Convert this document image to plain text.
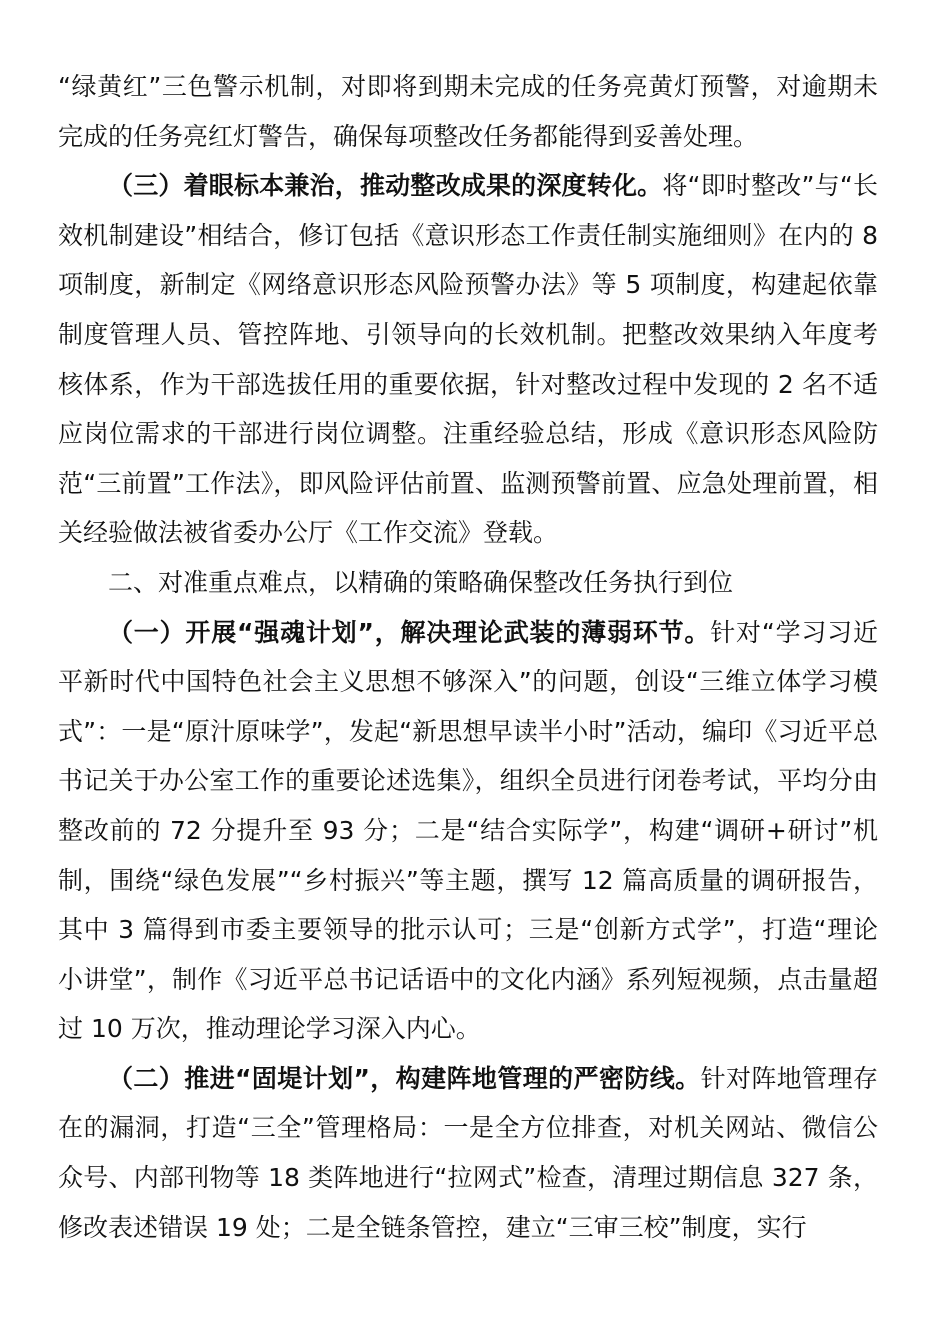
“绿黄红”三色警示机制，对即将到期未完成的任务亮黄灯预警，对逾期未完成的任务亮红灯警告，确保每项整改任务都能得到妥善处理。

（三）着眼标本兼治，推动整改成果的深度转化。将“即时整改”与“长效机制建设”相结合，修订包括《意识形态工作责任制实施细则》在内的 8 项制度，新制定《网络意识形态风险预警办法》等 5 项制度，构建起依靠制度管理人员、管控阵地、引领导向的长效机制。把整改效果纳入年度考核体系，作为干部选拔任用的重要依据，针对整改过程中发现的 2 名不适应岗位需求的干部进行岗位调整。注重经验总结，形成《意识形态风险防范“三前置”工作法》，即风险评估前置、监测预警前置、应急处理前置，相关经验做法被省委办公厅《工作交流》登载。

二、对准重点难点，以精确的策略确保整改任务执行到位

（一）开展“强魂计划”，解决理论武装的薄弱环节。针对“学习习近平新时代中国特色社会主义思想不够深入”的问题，创设“三维立体学习模式”：一是“原汁原味学”，发起“新思想早读半小时”活动，编印《习近平总书记关于办公室工作的重要论述选集》，组织全员进行闭卷考试，平均分由整改前的 72 分提升至 93 分；二是“结合实际学”，构建“调研+研讨”机制，围绕“绿色发展”“乡村振兴”等主题，撰写 12 篇高质量的调研报告，其中 3 篇得到市委主要领导的批示认可；三是“创新方式学”，打造“理论小讲堂”，制作《习近平总书记话语中的文化内涵》系列短视频，点击量超过 10 万次，推动理论学习深入内心。

（二）推进“固堤计划”，构建阵地管理的严密防线。针对阵地管理存在的漏洞，打造“三全”管理格局：一是全方位排查，对机关网站、微信公众号、内部刊物等 18 类阵地进行“拉网式”检查，清理过期信息 327 条，修改表述错误 19 处；二是全链条管控，建立“三审三校”制度，实行
